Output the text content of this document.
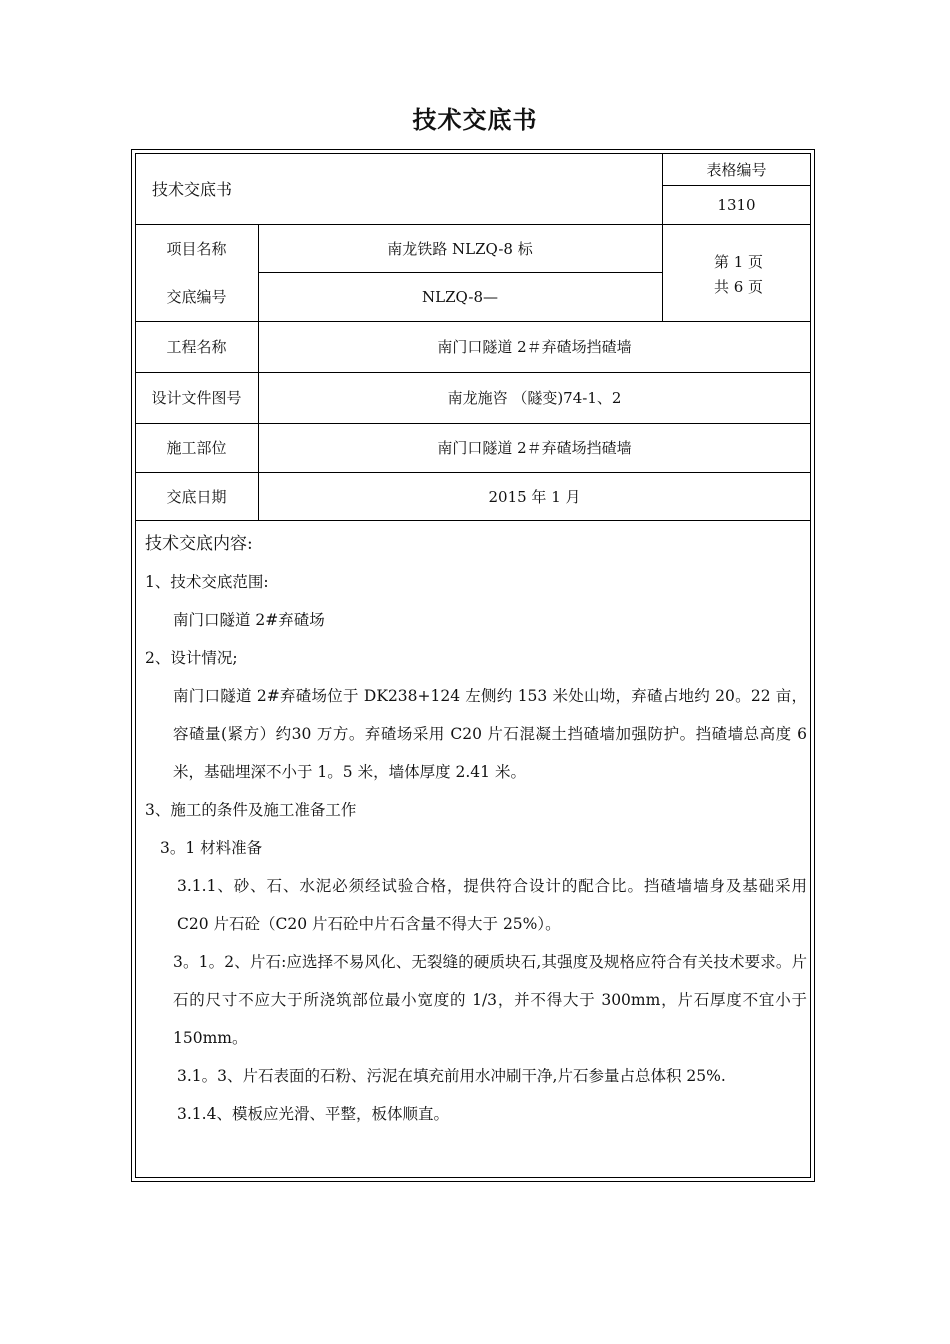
技术交底书
技术交底书
表格编号
1310
项目名称	南龙铁路 NLZQ-8 标
交底编号	NLZQ-8—
第 1 页
共 6 页
工程名称	南门口隧道 2＃弃碴场挡碴墙
设计文件图号	南龙施咨 （隧变)74-1、2
施工部位	南门口隧道 2＃弃碴场挡碴墙
交底日期	2015 年 1 月

技术交底内容:

1、技术交底范围:

南门口隧道 2#弃碴场

2、设计情况;

南门口隧道 2#弃碴场位于 DK238+124 左侧约 153 米处山坳，弃碴占地约 20。22 亩，容碴量(紧方）约30 万方。弃碴场采用 C20 片石混凝土挡碴墙加强防护。挡碴墙总高度 6 米，基础埋深不小于 1。5 米，墙体厚度 2.41 米。

3、施工的条件及施工准备工作

3。1 材料准备

3.1.1、砂、石、水泥必须经试验合格，提供符合设计的配合比。挡碴墙墙身及基础采用 C20 片石砼（C20 片石砼中片石含量不得大于 25%）。

3。1。2、片石:应选择不易风化、无裂缝的硬质块石,其强度及规格应符合有关技术要求。片石的尺寸不应大于所浇筑部位最小宽度的 1/3，并不得大于 300mm，片石厚度不宜小于 150mm。

3.1。3、片石表面的石粉、污泥在填充前用水冲刷干净,片石参量占总体积 25%.

3.1.4、模板应光滑、平整，板体顺直。
